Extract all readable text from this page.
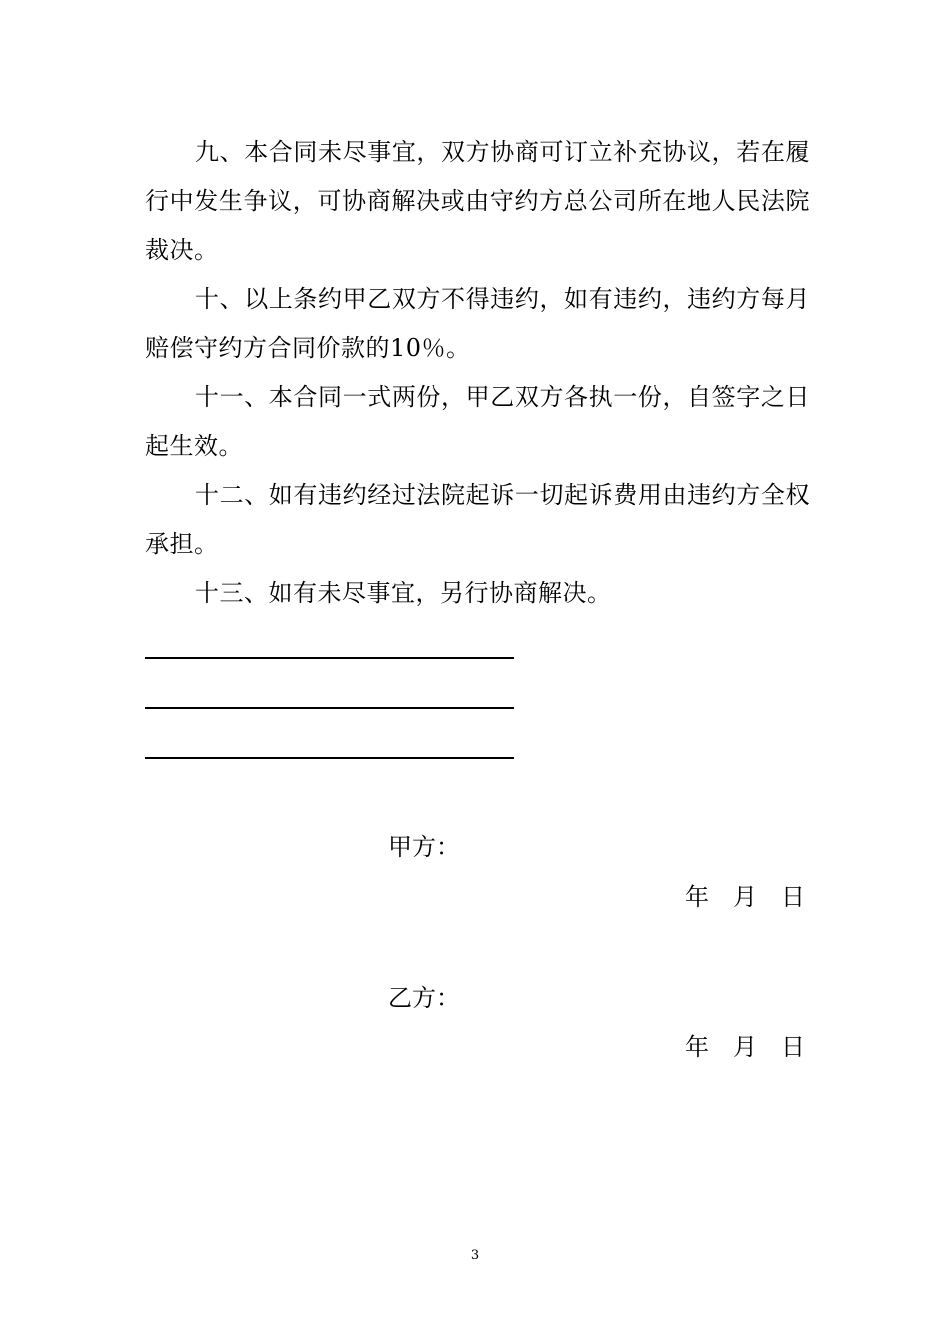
九、本合同未尽事宜，双方协商可订立补充协议，若在履行中发生争议，可协商解决或由守约方总公司所在地人民法院裁决。

十、以上条约甲乙双方不得违约，如有违约，违约方每月赔偿守约方合同价款的10％。

十一、本合同一式两份，甲乙双方各执一份，自签字之日起生效。

十二、如有违约经过法院起诉一切起诉费用由违约方全权承担。

十三、如有未尽事宜，另行协商解决。

甲方：
年　月　日
乙方：
年　月　日
3
